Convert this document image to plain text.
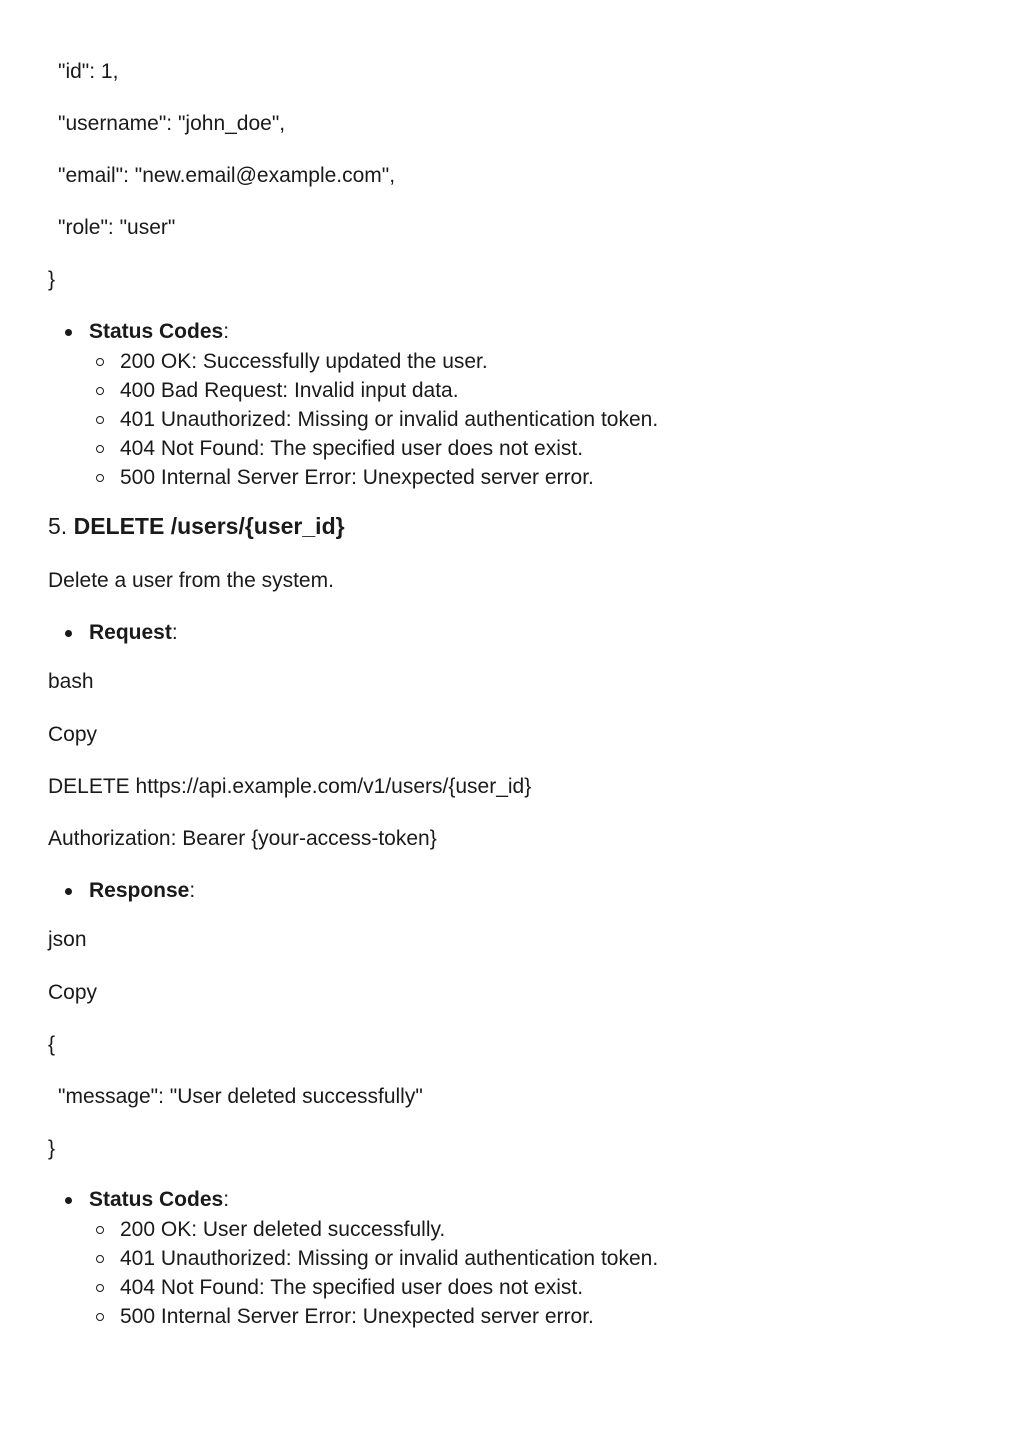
"id": 1,
"username": "john_doe",
"email": "new.email@example.com",
"role": "user"
}
Status Codes:
200 OK: Successfully updated the user.
400 Bad Request: Invalid input data.
401 Unauthorized: Missing or invalid authentication token.
404 Not Found: The specified user does not exist.
500 Internal Server Error: Unexpected server error.
5. DELETE /users/{user_id}
Delete a user from the system.
Request:
bash
Copy
DELETE https://api.example.com/v1/users/{user_id}
Authorization: Bearer {your-access-token}
Response:
json
Copy
{
"message": "User deleted successfully"
}
Status Codes:
200 OK: User deleted successfully.
401 Unauthorized: Missing or invalid authentication token.
404 Not Found: The specified user does not exist.
500 Internal Server Error: Unexpected server error.
